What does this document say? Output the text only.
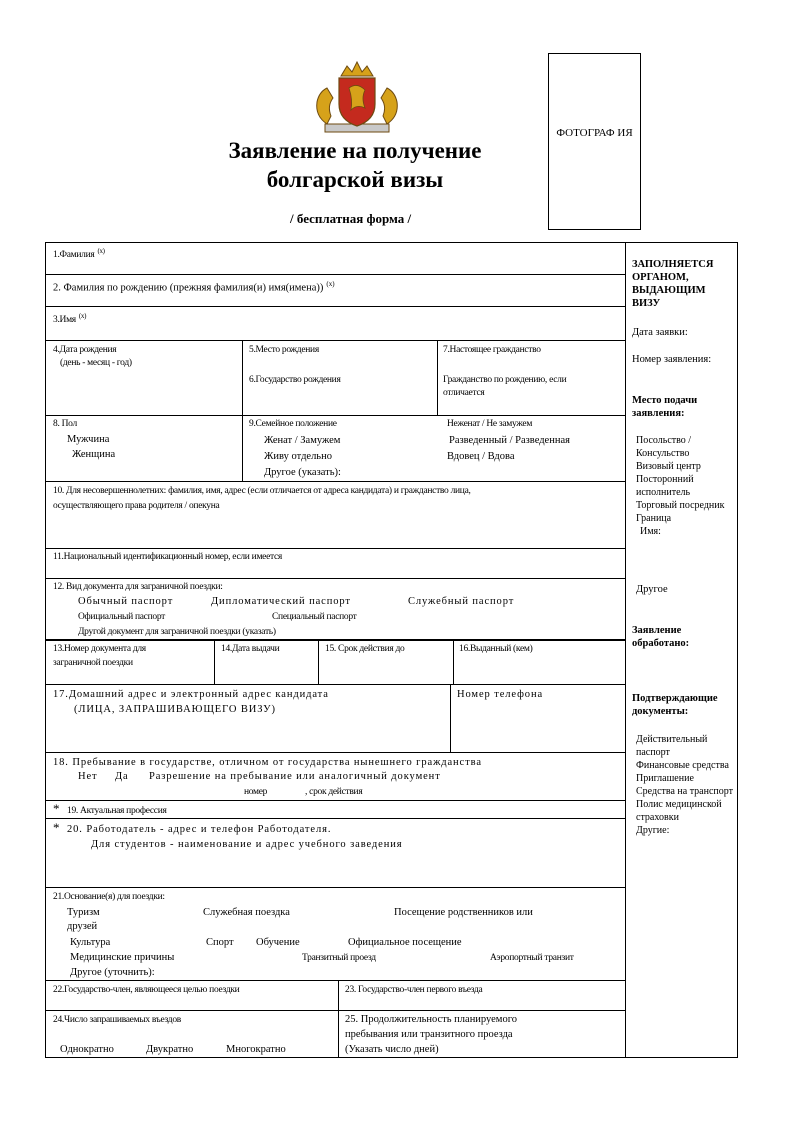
Заявление на получение болгарской визы
/ бесплатная форма /
ФОТОГРАФ ИЯ
1.Фамилия $^{(x)}$
2. Фамилия по рождению (прежняя фамилия(и) имя(имена)) $^{(x)}$
3.Имя $^{(x)}$
4.Дата рождения
(день - месяц - год)
5.Место рождения
6.Государство рождения
7.Настоящее гражданство
Гражданство по рождению, если
отличается
8. Пол
Мужчина
Женщина
9.Семейное положение	Неженат / Не замужем
Женат / Замужем	Разведенный / Разведенная
Живу отдельно	Вдовец / Вдова
Другое (указать):
10. Для несовершеннолетних: фамилия, имя, адрес (если отличается от адреса кандидата) и гражданство лица,
осуществляющего права родителя / опекуна
11.Национальный идентификационный номер, если имеется
12. Вид документа для заграничной поездки:
Обычный паспорт	Дипломатический паспорт	Служебный паспорт
Официальный паспорт	Специальный паспорт
Другой документ для заграничной поездки (указать)
13.Номер документа для
заграничной поездки
14.Дата выдачи	15. Срок действия до	16.Выданный (кем)
17.Домашний адрес и электронный адрес кандидата
(ЛИЦА, ЗАПРАШИВАЮЩЕГО ВИЗУ)
Номер телефона
18. Пребывание в государстве, отличном от государства нынешнего гражданства
Нет Да Разрешение на пребывание или аналогичный документ
номер	, срок действия
* 19. Актуальная профессия
* 20. Работодатель - адрес и телефон Работодателя.
Для студентов - наименование и адрес учебного заведения
21.Основание(я) для поездки:
Туризм	Служебная поездка	Посещение родственников или
друзей
Культура	Спорт Обучение	Официальное посещение
Медицинские причины	Транзитный проезд	Аэропортный транзит
Другое (уточнить):
22.Государство-член, являющееся целью поездки	23. Государство-член первого въезда
24.Число запрашиваемых въездов
Однократно	Двукратно	Многократно
25. Продолжительность планируемого
пребывания или транзитного проезда
(Указать число дней)
ЗАПОЛНЯЕТСЯ ОРГАНОМ, ВЫДАЮЩИМ ВИЗУ
Дата заявки:
Номер заявления:
Место подачи заявления:
Посольство / Консульство
Визовый центр
Посторонний исполнитель
Торговый посредник
Граница
Имя:
Другое
Заявление обработано:
Подтверждающие документы:
Действительный паспорт
Финансовые средства
Приглашение
Средства на транспорт
Полис медицинской страховки
Другие:
